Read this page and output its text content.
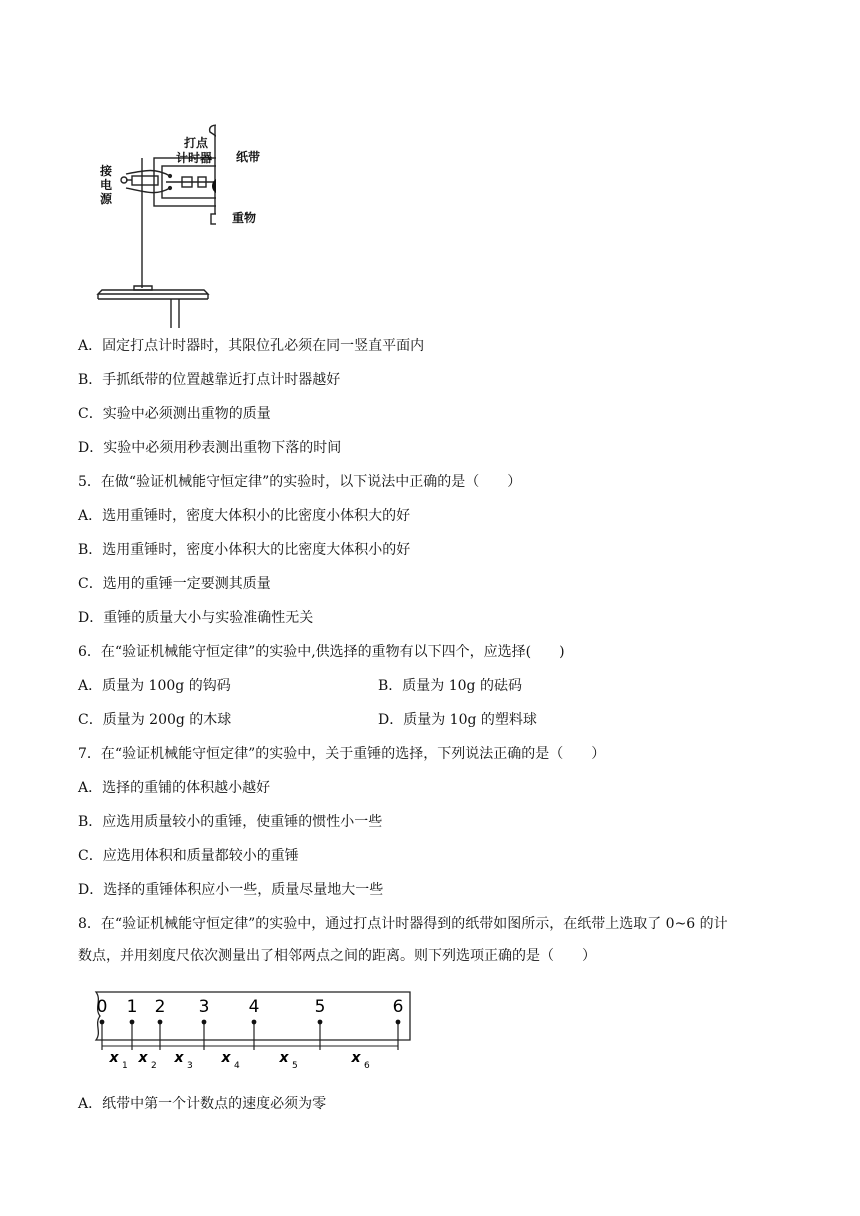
打点
计时器 纸带
接
电
源
重物
A．固定打点计时器时，其限位孔必须在同一竖直平面内
B．手抓纸带的位置越靠近打点计时器越好
C．实验中必须测出重物的质量
D．实验中必须用秒表测出重物下落的时间
5．在做“验证机械能守恒定律”的实验时，以下说法中正确的是（　　）
A．选用重锤时，密度大体积小的比密度小体积大的好
B．选用重锤时，密度小体积大的比密度大体积小的好
C．选用的重锤一定要测其质量
D．重锤的质量大小与实验准确性无关
6．在“验证机械能守恒定律”的实验中,供选择的重物有以下四个，应选择(　　)
A．质量为 100g 的钩码	B．质量为 10g 的砝码
C．质量为 200g 的木球	D．质量为 10g 的塑料球
7．在“验证机械能守恒定律”的实验中，关于重锤的选择，下列说法正确的是（　　）
A．选择的重铺的体积越小越好
B．应选用质量较小的重锤，使重锤的惯性小一些
C．应选用体积和质量都较小的重锤
D．选择的重锤体积应小一些，质量尽量地大一些
8．在“验证机械能守恒定律”的实验中，通过打点计时器得到的纸带如图所示，在纸带上选取了 0~6 的计
数点，并用刻度尺依次测量出了相邻两点之间的距离。则下列选项正确的是（　　）
0 1 2 3 4	5	6
x 1 x 2 x 3 x 4	x 5	x 6
A．纸带中第一个计数点的速度必须为零
